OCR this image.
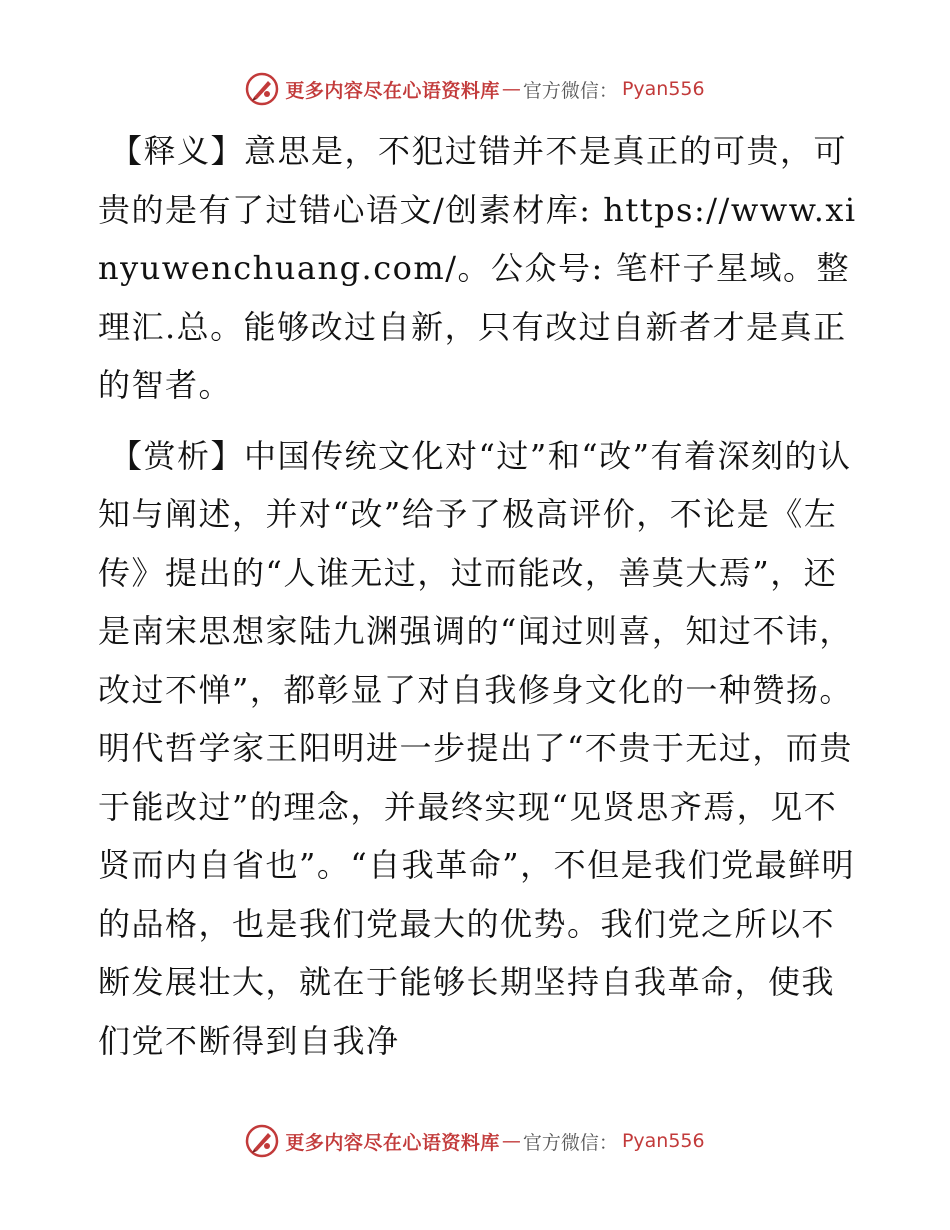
更多内容尽在心语资料库 — 官方微信： Pyan556

【释义】意思是，不犯过错并不是真正的可贵，可贵的是有了过错心语文/创素材库: https://www.xinyuwenchuang.com/。公众号: 笔杆子星域。整理汇.总。能够改过自新，只有改过自新者才是真正的智者。

【赏析】中国传统文化对“过”和“改”有着深刻的认知与阐述，并对“改”给予了极高评价，不论是《左传》提出的“人谁无过，过而能改，善莫大焉”，还是南宋思想家陆九渊强调的“闻过则喜，知过不讳，改过不惮”，都彰显了对自我修身文化的一种赞扬。明代哲学家王阳明进一步提出了“不贵于无过，而贵于能改过”的理念，并最终实现“见贤思齐焉，见不贤而内自省也”。“自我革命”，不但是我们党最鲜明的品格，也是我们党最大的优势。我们党之所以不断发展壮大，就在于能够长期坚持自我革命，使我们党不断得到自我净

更多内容尽在心语资料库 — 官方微信： Pyan556
